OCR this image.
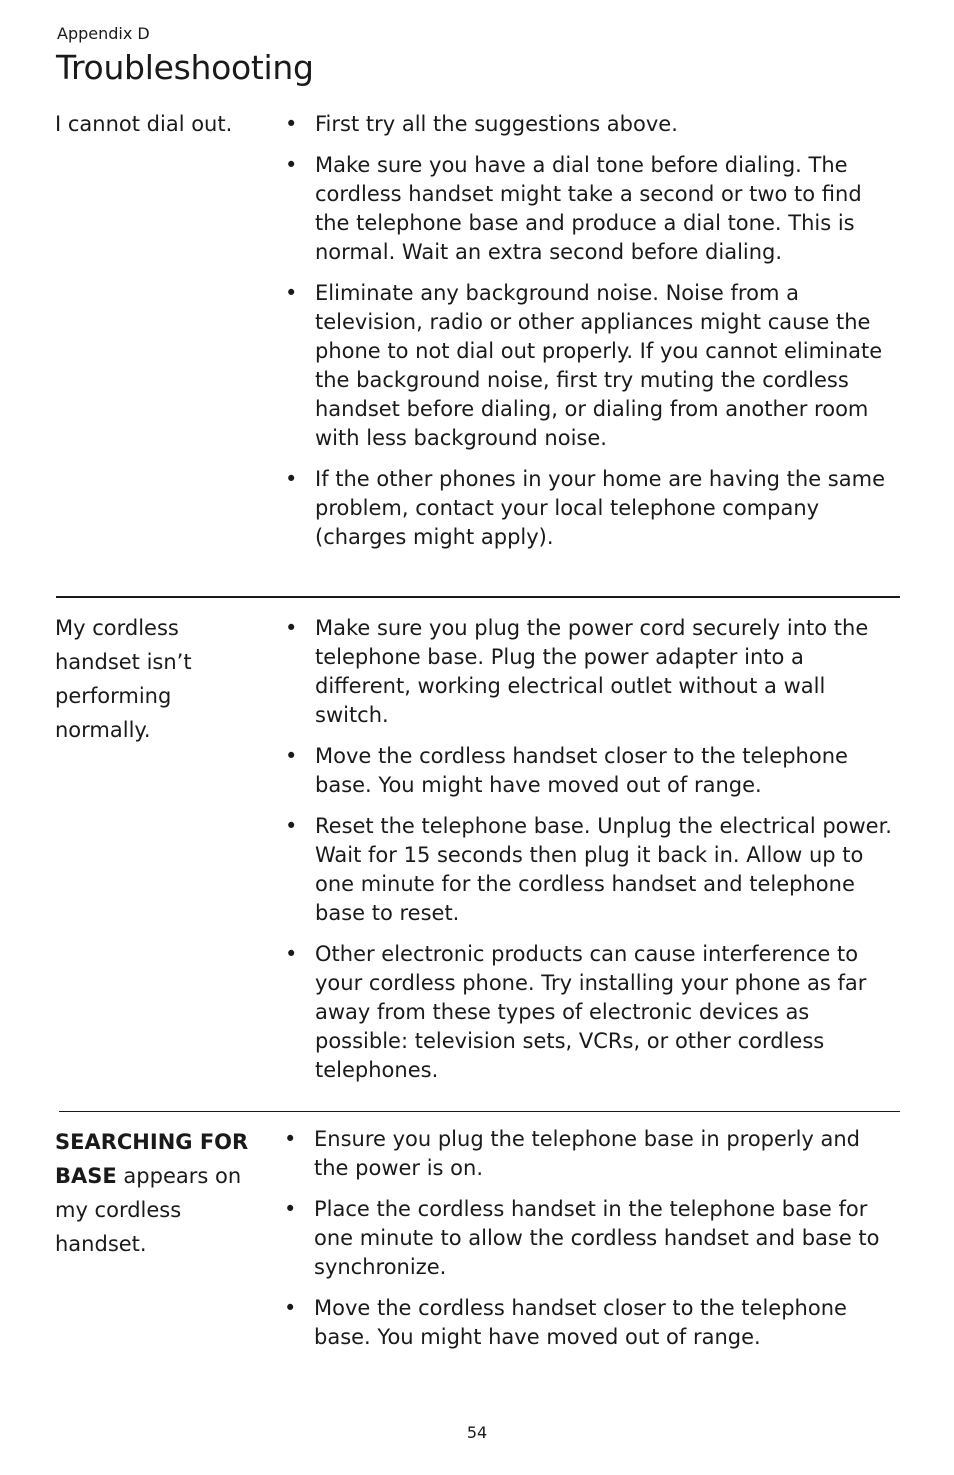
Appendix D
Troubleshooting
I cannot dial out.
•	First try all the suggestions above.
• Make sure you have a dial tone before dialing. The cordless handset might take a second or two to find the telephone base and produce a dial tone. This is normal. Wait an extra second before dialing.
• Eliminate any background noise. Noise from a television, radio or other appliances might cause the phone to not dial out properly. If you cannot eliminate the background noise, first try muting the cordless handset before dialing, or dialing from another room with less background noise.
• If the other phones in your home are having the same problem, contact your local telephone company (charges might apply).
My cordless handset isn’t performing normally.
• Make sure you plug the power cord securely into the telephone base. Plug the power adapter into a different, working electrical outlet without a wall switch.
• Move the cordless handset closer to the telephone base. You might have moved out of range.
• Reset the telephone base. Unplug the electrical power. Wait for 15 seconds then plug it back in. Allow up to one minute for the cordless handset and telephone base to reset.
• Other electronic products can cause interference to your cordless phone. Try installing your phone as far away from these types of electronic devices as possible: television sets, VCRs, or other cordless telephones.
SEARCHING FOR BASE appears on my cordless handset.
• Ensure you plug the telephone base in properly and the power is on.
• Place the cordless handset in the telephone base for one minute to allow the cordless handset and base to synchronize.
• Move the cordless handset closer to the telephone base. You might have moved out of range.
54
